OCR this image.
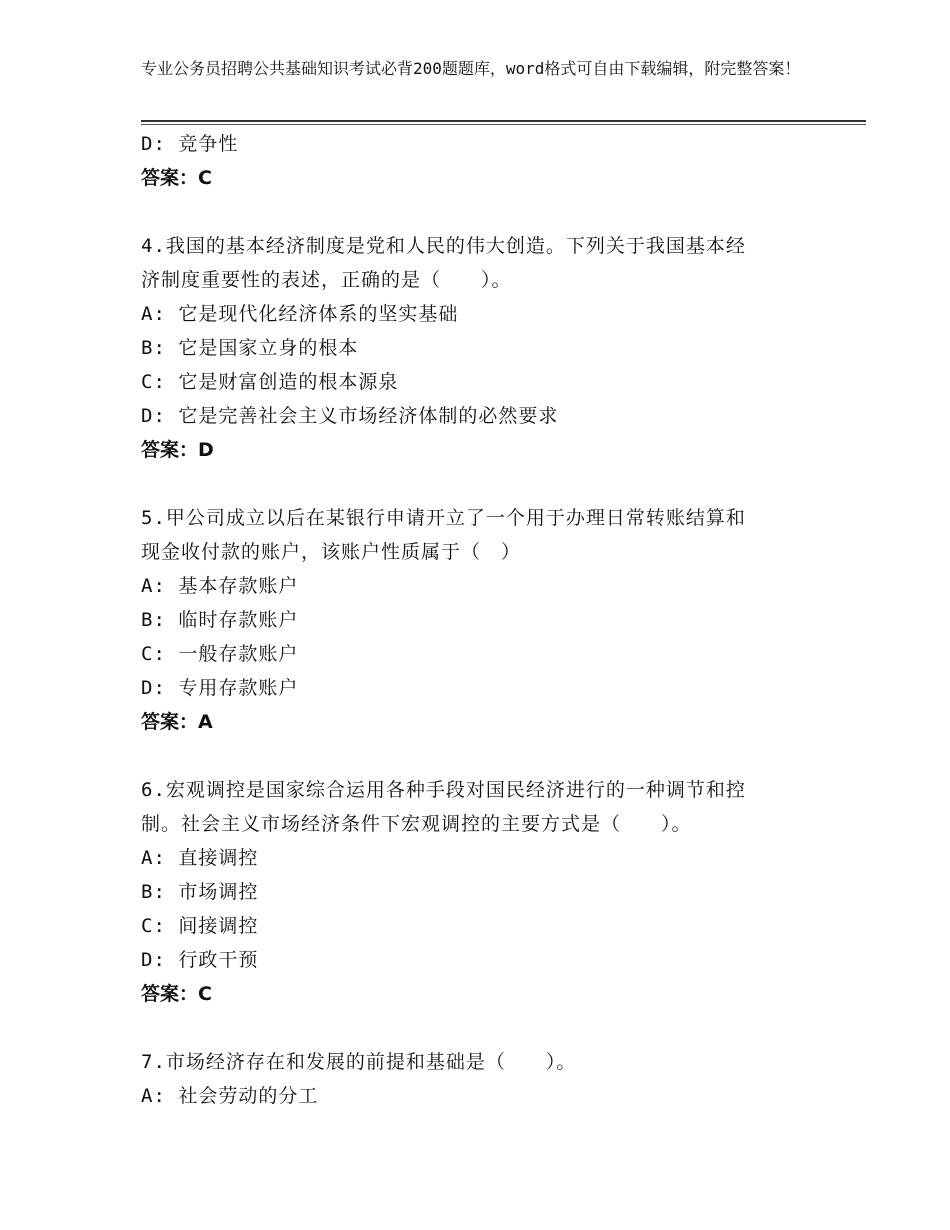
专业公务员招聘公共基础知识考试必背200题题库，word格式可自由下载编辑，附完整答案！
D: 竞争性
答案：C
4.我国的基本经济制度是党和人民的伟大创造。下列关于我国基本经
济制度重要性的表述，正确的是（　　）。
A: 它是现代化经济体系的坚实基础
B: 它是国家立身的根本
C: 它是财富创造的根本源泉
D: 它是完善社会主义市场经济体制的必然要求
答案：D
5.甲公司成立以后在某银行申请开立了一个用于办理日常转账结算和
现金收付款的账户，该账户性质属于（　）
A: 基本存款账户
B: 临时存款账户
C: 一般存款账户
D: 专用存款账户
答案：A
6.宏观调控是国家综合运用各种手段对国民经济进行的一种调节和控
制。社会主义市场经济条件下宏观调控的主要方式是（　　）。
A: 直接调控
B: 市场调控
C: 间接调控
D: 行政干预
答案：C
7.市场经济存在和发展的前提和基础是（　　）。
A: 社会劳动的分工
